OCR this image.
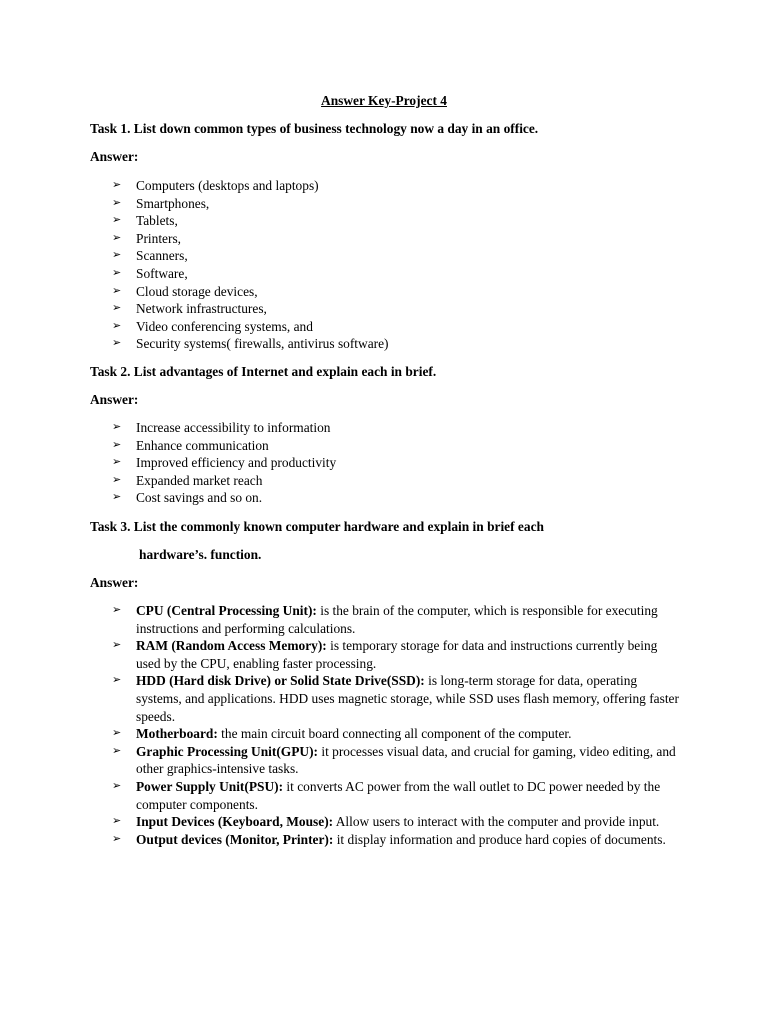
Answer Key-Project 4
Task 1. List down common types of business technology now a day in an office.
Answer:
➢ Computers (desktops and laptops)
➢ Smartphones,
➢ Tablets,
➢ Printers,
➢ Scanners,
➢ Software,
➢ Cloud storage devices,
➢ Network infrastructures,
➢ Video conferencing systems, and
➢ Security systems( firewalls, antivirus software)
Task 2. List advantages of Internet and explain each in brief.
Answer:
➢ Increase accessibility to information
➢ Enhance communication
➢ Improved efficiency and productivity
➢ Expanded market reach
➢ Cost savings and so on.
Task 3. List the commonly known computer hardware and explain in brief each
hardware’s. function.
Answer:
➢ CPU (Central Processing Unit): is the brain of the computer, which is responsible for executing instructions and performing calculations.
➢ RAM (Random Access Memory): is temporary storage for data and instructions currently being used by the CPU, enabling faster processing.
➢ HDD (Hard disk Drive) or Solid State Drive(SSD): is long-term storage for data, operating systems, and applications. HDD uses magnetic storage, while SSD uses flash memory, offering faster speeds.
➢ Motherboard: the main circuit board connecting all component of the computer.
➢ Graphic Processing Unit(GPU): it processes visual data, and crucial for gaming, video editing, and other graphics-intensive tasks.
➢ Power Supply Unit(PSU): it converts AC power from the wall outlet to DC power needed by the computer components.
➢ Input Devices (Keyboard, Mouse): Allow users to interact with the computer and provide input.
➢ Output devices (Monitor, Printer): it display information and produce hard copies of documents.
